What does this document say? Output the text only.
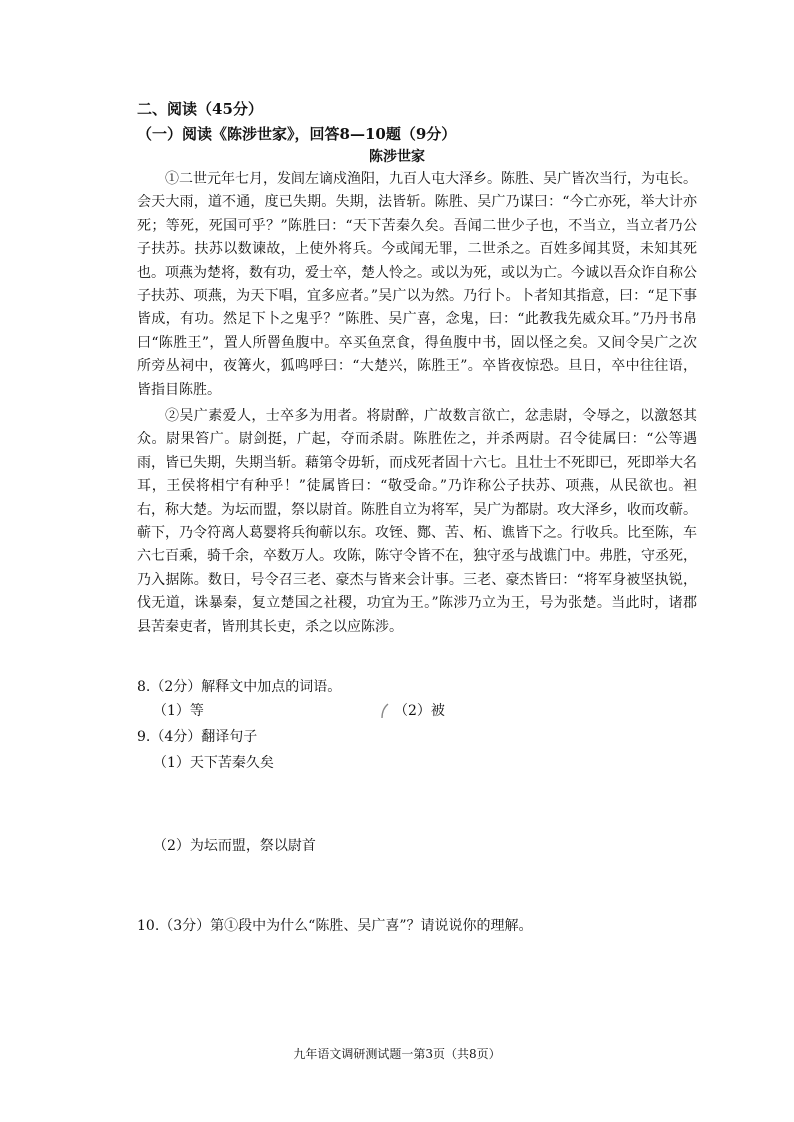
二、阅读（45分）
（一）阅读《陈涉世家》，回答8—10题（9分）
陈涉世家

①二世元年七月，发闾左谪戍渔阳，九百人屯大泽乡。陈胜、吴广皆次当行，为屯长。会天大雨，道不通，度已失期。失期，法皆斩。陈胜、吴广乃谋曰：“今亡亦死，举大计亦死；等死，死国可乎？”陈胜曰：“天下苦秦久矣。吾闻二世少子也，不当立，当立者乃公子扶苏。扶苏以数谏故，上使外将兵。今或闻无罪，二世杀之。百姓多闻其贤，未知其死也。项燕为楚将，数有功，爱士卒，楚人怜之。或以为死，或以为亡。今诚以吾众诈自称公子扶苏、项燕，为天下唱，宜多应者。”吴广以为然。乃行卜。卜者知其指意，曰：“足下事皆成，有功。然足下卜之鬼乎？”陈胜、吴广喜，念鬼，曰：“此教我先威众耳。”乃丹书帛曰“陈胜王”，置人所罾鱼腹中。卒买鱼烹食，得鱼腹中书，固以怪之矣。又间令吴广之次所旁丛祠中，夜篝火，狐鸣呼曰：“大楚兴，陈胜王”。卒皆夜惊恐。旦日，卒中往往语，皆指目陈胜。

②吴广素爱人，士卒多为用者。将尉醉，广故数言欲亡，忿恚尉，令辱之，以激怒其众。尉果笞广。尉剑挺，广起，夺而杀尉。陈胜佐之，并杀两尉。召令徒属曰：“公等遇雨，皆已失期，失期当斩。藉第令毋斩，而戍死者固十六七。且壮士不死即已，死即举大名耳，王侯将相宁有种乎！”徒属皆曰：“敬受命。”乃诈称公子扶苏、项燕，从民欲也。袒右，称大楚。为坛而盟，祭以尉首。陈胜自立为将军，吴广为都尉。攻大泽乡，收而攻蕲。蕲下，乃令符离人葛婴将兵徇蕲以东。攻铚、酂、苦、柘、谯皆下之。行收兵。比至陈，车六七百乘，骑千余，卒数万人。攻陈，陈守令皆不在，独守丞与战谯门中。弗胜，守丞死，乃入据陈。数日，号令召三老、豪杰与皆来会计事。三老、豪杰皆曰：“将军身被坚执锐，伐无道，诛暴秦，复立楚国之社稷，功宜为王。”陈涉乃立为王，号为张楚。当此时，诸郡县苦秦吏者，皆刑其长吏，杀之以应陈涉。

8.（2分）解释文中加点的词语。
（1）等	（2）被
9.（4分）翻译句子
（1）天下苦秦久矣
（2）为坛而盟，祭以尉首
10.（3分）第①段中为什么“陈胜、吴广喜”？请说说你的理解。
九年语文调研测试题一第3页（共8页）
